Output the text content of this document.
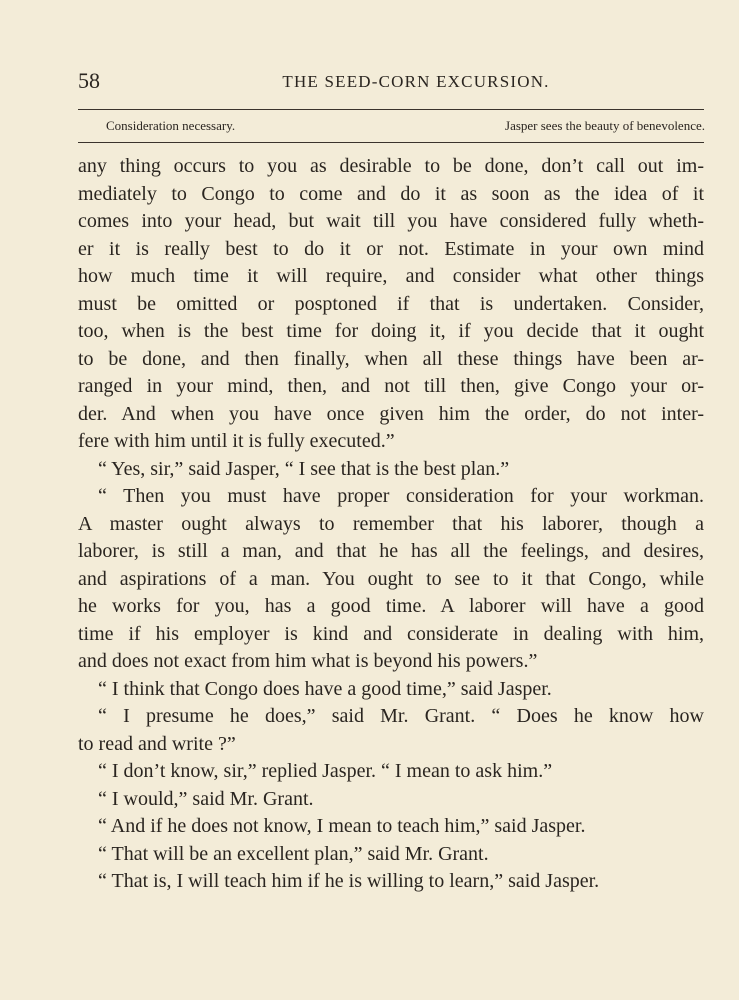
58	THE SEED-CORN EXCURSION.
Consideration necessary.	Jasper sees the beauty of benevolence.
any thing occurs to you as desirable to be done, don’t call out im-
mediately to Congo to come and do it as soon as the idea of it
comes into your head, but wait till you have considered fully wheth-
er it is really best to do it or not. Estimate in your own mind
how much time it will require, and consider what other things
must be omitted or posptoned if that is undertaken. Consider,
too, when is the best time for doing it, if you decide that it ought
to be done, and then finally, when all these things have been ar-
ranged in your mind, then, and not till then, give Congo your or-
der. And when you have once given him the order, do not inter-
fere with him until it is fully executed.”
“ Yes, sir,” said Jasper, “ I see that is the best plan.”
“ Then you must have proper consideration for your workman.
A master ought always to remember that his laborer, though a
laborer, is still a man, and that he has all the feelings, and desires,
and aspirations of a man. You ought to see to it that Congo, while
he works for you, has a good time. A laborer will have a good
time if his employer is kind and considerate in dealing with him,
and does not exact from him what is beyond his powers.”
“ I think that Congo does have a good time,” said Jasper.
“ I presume he does,” said Mr. Grant. “ Does he know how
to read and write ?”
“ I don’t know, sir,” replied Jasper. “ I mean to ask him.”
“ I would,” said Mr. Grant.
“ And if he does not know, I mean to teach him,” said Jasper.
“ That will be an excellent plan,” said Mr. Grant.
“ That is, I will teach him if he is willing to learn,” said Jasper.
